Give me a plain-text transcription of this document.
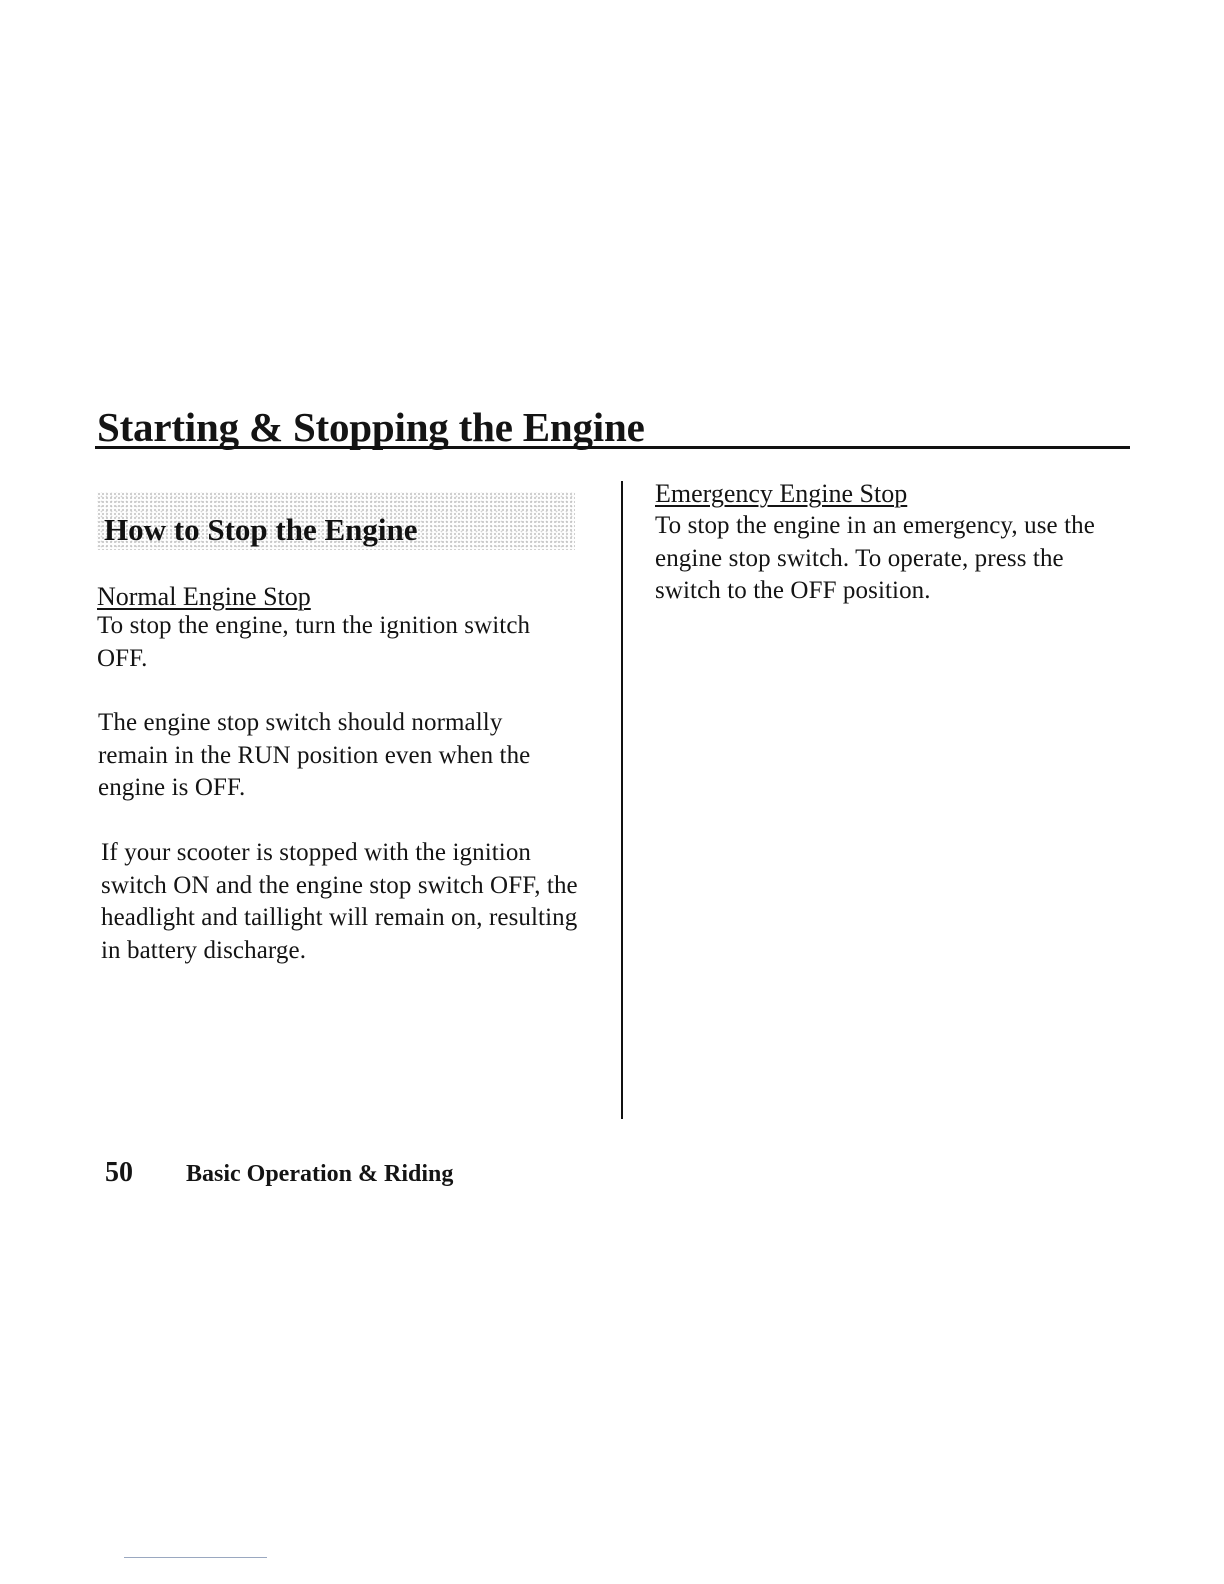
Starting & Stopping the Engine
How to Stop the Engine
Normal Engine Stop

To stop the engine, turn the ignition switch OFF.

The engine stop switch should normally remain in the RUN position even when the engine is OFF.

If your scooter is stopped with the ignition switch ON and the engine stop switch OFF, the headlight and taillight will remain on, resulting in battery discharge.

Emergency Engine Stop

To stop the engine in an emergency, use the engine stop switch. To operate, press the switch to the OFF position.

50 Basic Operation & Riding
